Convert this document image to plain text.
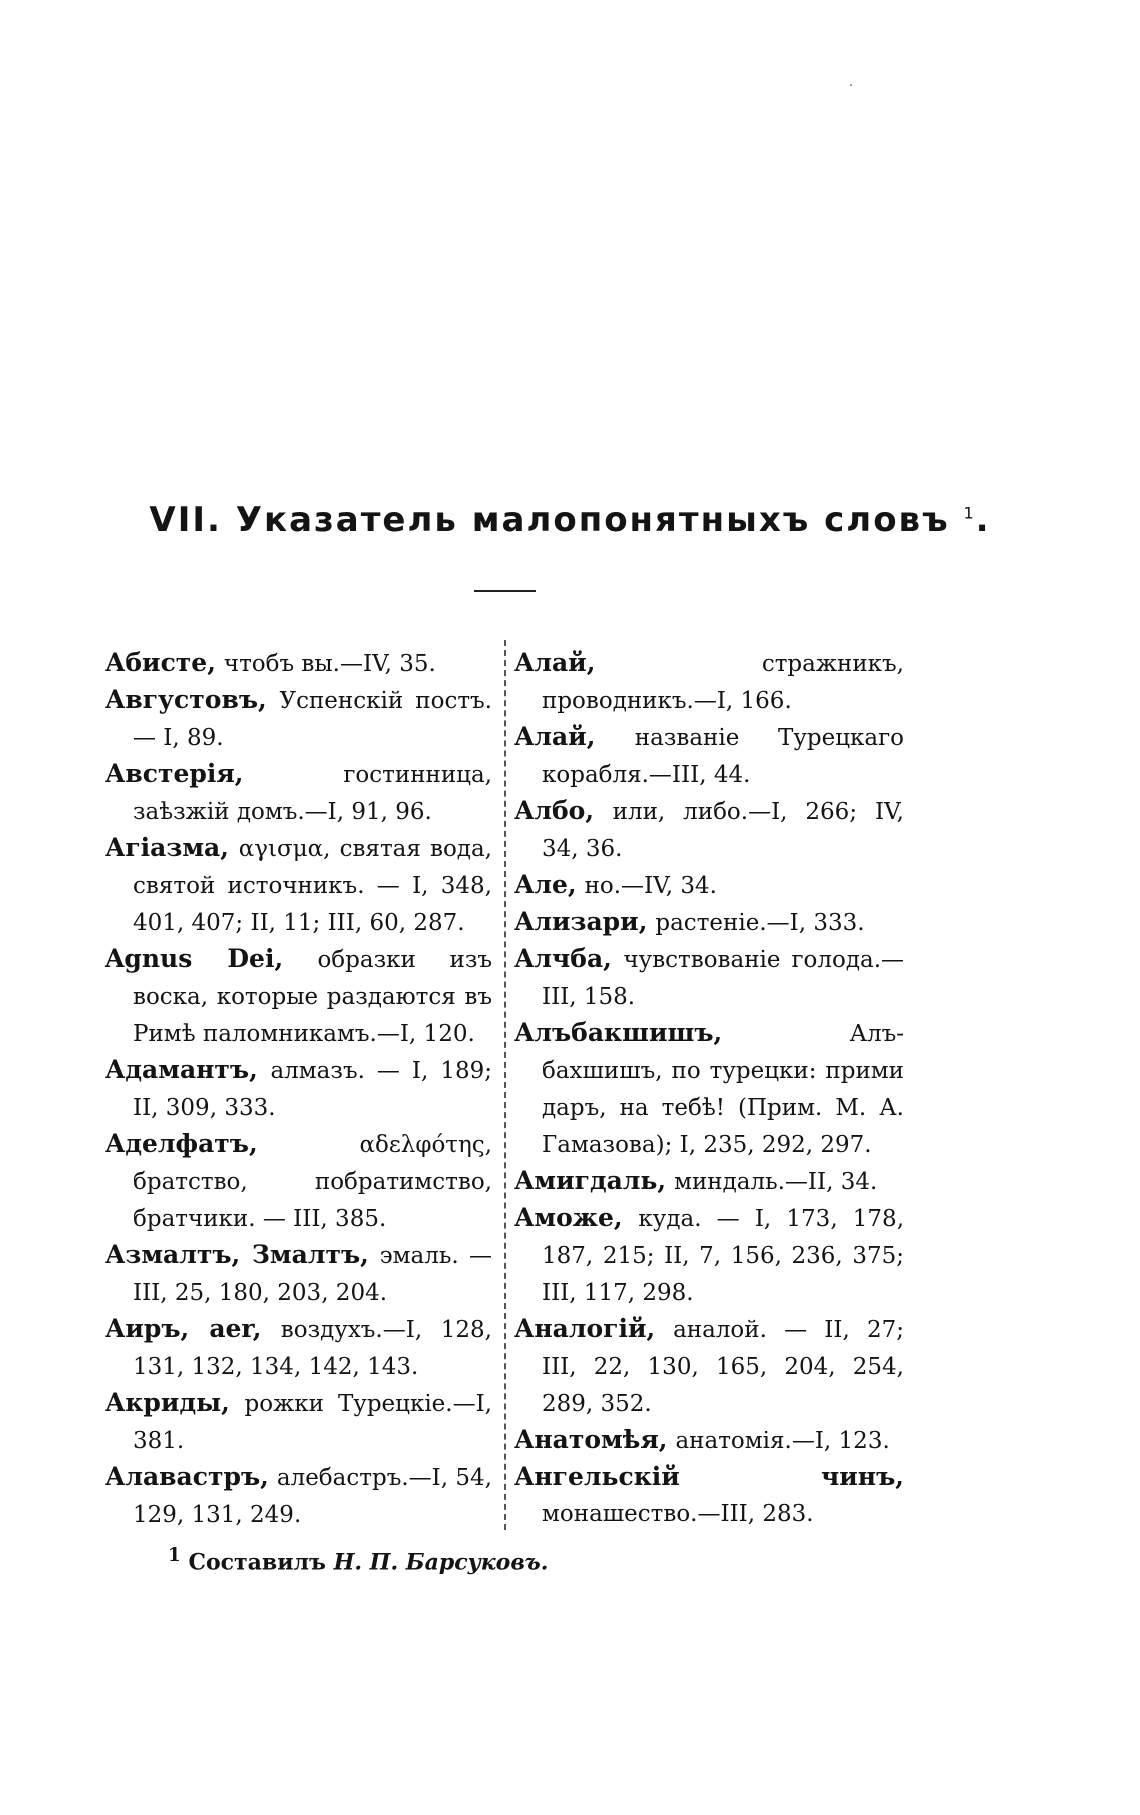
VII. Указатель малопонятныхъ словъ $^1$.
Абисте, чтобъ вы.—IV, 35.
Августовъ, Успенскій постъ. — I, 89.
Австерія,	гостинница, заѣзжій домъ.—I, 91, 96.
Агіазма, αγισμα, святая вода, святой источникъ. — I, 348, 401, 407; II, 11; III, 60, 287.
Agnus Dei, образки изъ воска, которые раздаются въ Римѣ паломникамъ.—I, 120.
Адамантъ, алмазъ. — I, 189; II, 309, 333.
Аделфатъ,	αδελφότης, братство, побратимство, братчики. — III, 385.
Азмалтъ, Змалтъ, эмаль. — III, 25, 180, 203, 204.
Аиръ, aer, воздухъ.—I, 128, 131, 132, 134, 142, 143.
Акриды, рожки Турецкіе.—I, 381.
Алавастръ, алебастръ.—I, 54, 129, 131, 249.
Алай,	стражникъ, проводникъ.—I, 166.
Алай, названіе Турецкаго корабля.—III, 44.
Албо, или, либо.—I, 266; IV, 34, 36.
Але, но.—IV, 34.
Ализари, растеніе.—I, 333.
Алчба, чувствованіе голода.— III, 158.
Алъбакшишъ,	Алъ-бахшишъ, по турецки: прими даръ, на тебѣ! (Прим. М. А. Гамазова); I, 235, 292, 297.
Амигдаль, миндаль.—II, 34.
Аможе, куда. — I, 173, 178, 187, 215; II, 7, 156, 236, 375; III, 117, 298.
Аналогій, аналой. — II, 27; III, 22, 130, 165, 204, 254, 289, 352.
Анатомѣя, анатомія.—I, 123.
Ангельскій чинъ, монашество.—III, 283.
$^1$ Составилъ Н. П. Барсуковъ.
